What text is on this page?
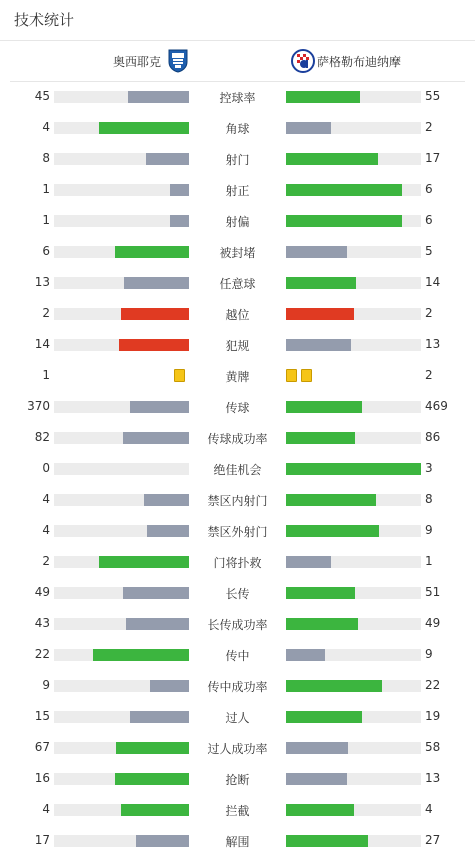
技术统计
奥西耶克	萨格勒布迪纳摩
45	控球率	55
4	角球	2
8	射门	17
1	射正	6
1	射偏	6
6	被封堵	5
13	任意球	14
2	越位	2
14	犯规	13
1	黄牌	2
370	传球	469
82	传球成功率	86
0	绝佳机会	3
4	禁区内射门	8
4	禁区外射门	9
2	门将扑救	1
49	长传	51
43	长传成功率	49
22	传中	9
9	传中成功率	22
15	过人	19
67	过人成功率	58
16	抢断	13
4	拦截	4
17	解围	27
